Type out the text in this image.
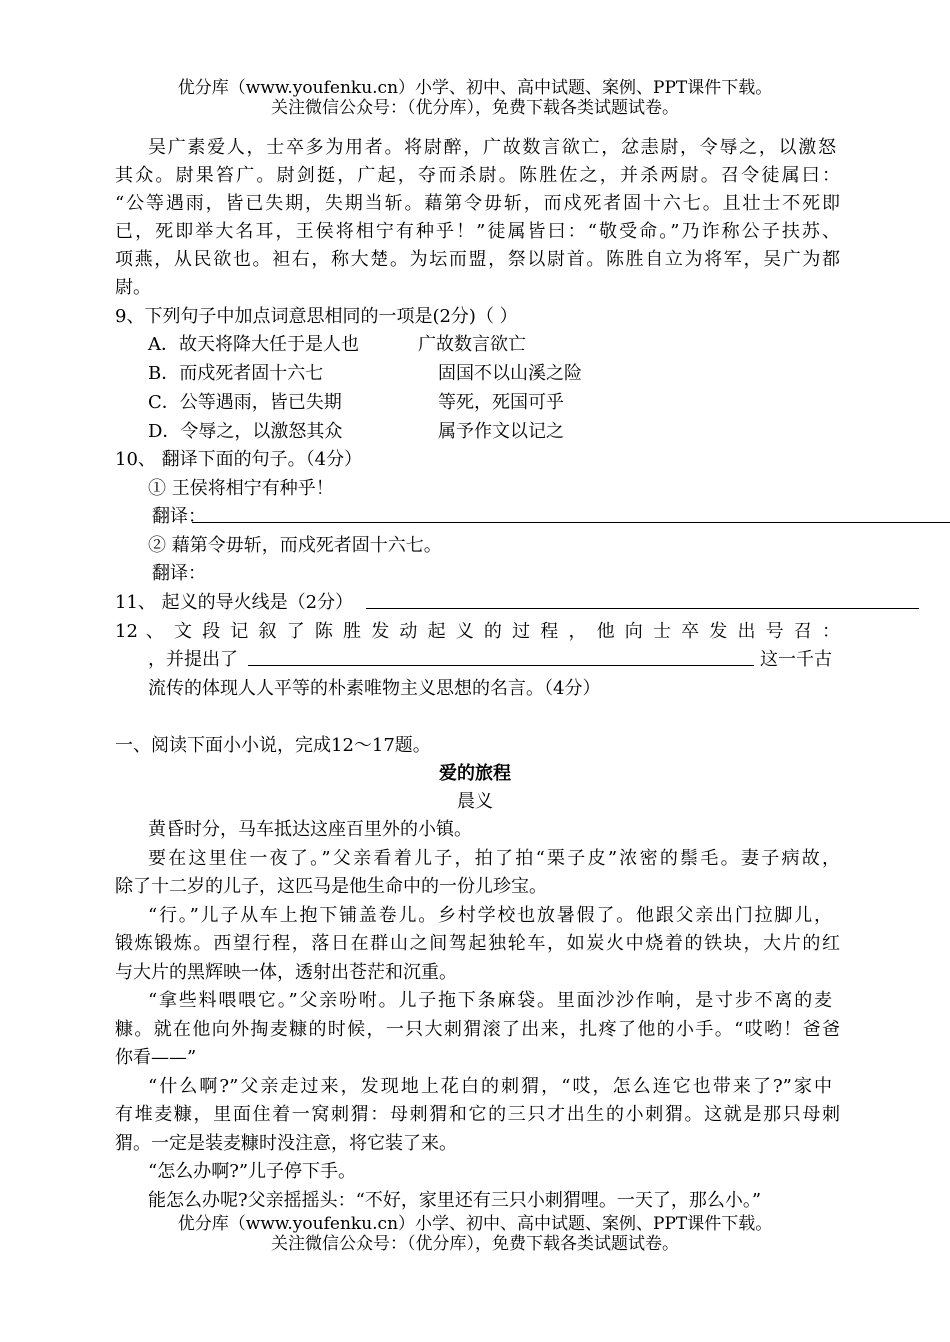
优分库（www.youfenku.cn）小学、初中、高中试题、案例、PPT课件下载。
关注微信公众号：（优分库），免费下载各类试题试卷。
吴广素爱人，士卒多为用者。将尉醉，广故数言欲亡，忿恚尉，令辱之，以激怒
其众。尉果笞广。尉剑挺，广起，夺而杀尉。陈胜佐之，并杀两尉。召令徒属曰：
“公等遇雨，皆已失期，失期当斩。藉第令毋斩，而戍死者固十六七。且壮士不死即
已，死即举大名耳，王侯将相宁有种乎！”徒属皆曰：“敬受命。”乃诈称公子扶苏、
项燕，从民欲也。袒右，称大楚。为坛而盟，祭以尉首。陈胜自立为将军，吴广为都
尉。
9、下列句子中加点词意思相同的一项是(2分)（ ）
A．故天将降大任于是人也	广故数言欲亡
B．而戍死者固十六七	固国不以山溪之险
C．公等遇雨，皆已失期	等死，死国可乎
D．令辱之，以激怒其众	属予作文以记之
10、 翻译下面的句子。（4分）
① 王侯将相宁有种乎！
翻译：
② 藉第令毋斩，而戍死者固十六七。
翻译：
11、 起义的导火线是（2分）
12 、 文 段 记 叙 了 陈 胜 发 动 起 义 的 过 程 ， 他 向 士 卒 发 出 号 召 ：
，并提出了	这一千古
流传的体现人人平等的朴素唯物主义思想的名言。（4分）
一、阅读下面小小说，完成12～17题。
爱的旅程
晨义
黄昏时分，马车抵达这座百里外的小镇。
要在这里住一夜了。”父亲看着儿子，拍了拍“栗子皮”浓密的鬃毛。妻子病故，
除了十二岁的儿子，这匹马是他生命中的一份儿珍宝。
“行。”儿子从车上抱下铺盖卷儿。乡村学校也放暑假了。他跟父亲出门拉脚儿，
锻炼锻炼。西望行程，落日在群山之间驾起独轮车，如炭火中烧着的铁块，大片的红
与大片的黑辉映一体，透射出苍茫和沉重。
“拿些料喂喂它。”父亲吩咐。儿子拖下条麻袋。里面沙沙作响，是寸步不离的麦
糠。就在他向外掏麦糠的时候，一只大刺猬滚了出来，扎疼了他的小手。“哎哟！爸爸
你看——”
“什么啊?”父亲走过来，发现地上花白的刺猬，“哎，怎么连它也带来了?”家中
有堆麦糠，里面住着一窝刺猬：母刺猬和它的三只才出生的小刺猬。这就是那只母刺
猬。一定是装麦糠时没注意，将它装了来。
“怎么办啊?”儿子停下手。
能怎么办呢?父亲摇摇头：“不好，家里还有三只小刺猬哩。一天了，那么小。”
优分库（www.youfenku.cn）小学、初中、高中试题、案例、PPT课件下载。
关注微信公众号：（优分库），免费下载各类试题试卷。
